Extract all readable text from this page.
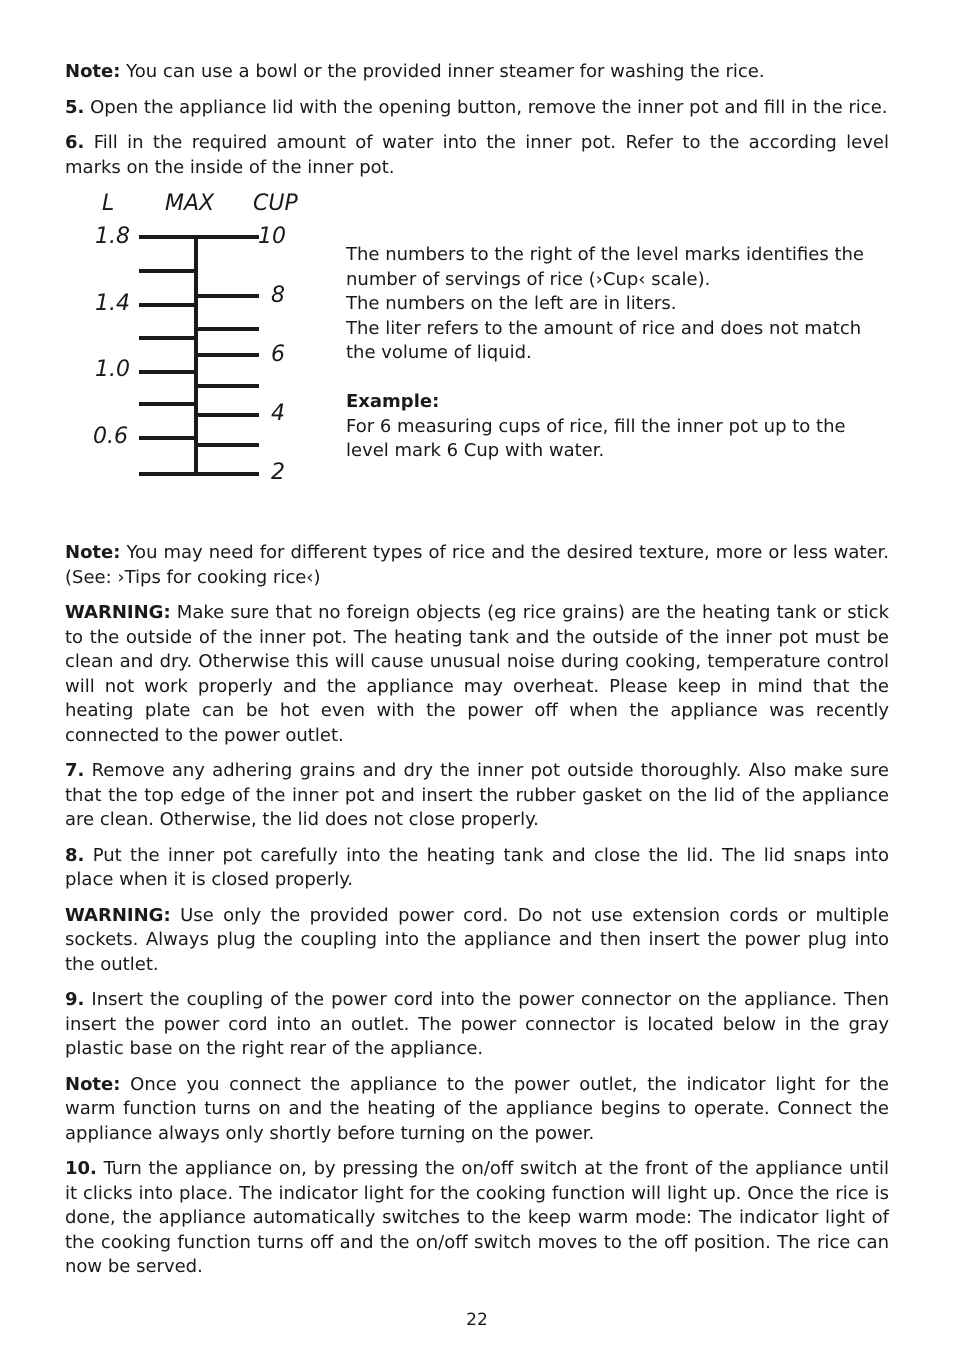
Note: You can use a bowl or the provided inner steamer for washing the rice.

5. Open the appliance lid with the opening button, remove the inner pot and fill in the rice.

6. Fill in the required amount of water into the inner pot. Refer to the according level marks on the inside of the inner pot.

L MAX CUP
1.8
1.4
1.0
0.6
10
8
6
4
2
The numbers to the right of the level marks identifies the number of servings of rice (›Cup‹ scale).
The numbers on the left are in liters.
The liter refers to the amount of rice and does not match the volume of liquid.
Example:
For 6 measuring cups of rice, fill the inner pot up to the level mark 6 Cup with water.

Note: You may need for different types of rice and the desired texture, more or less water. (See: ›Tips for cooking rice‹)

WARNING: Make sure that no foreign objects (eg rice grains) are the heating tank or stick to the outside of the inner pot. The heating tank and the outside of the inner pot must be clean and dry. Otherwise this will cause unusual noise during cooking, temperature control will not work properly and the appliance may overheat. Please keep in mind that the heating plate can be hot even with the power off when the appliance was recently connected to the power outlet.

7. Remove any adhering grains and dry the inner pot outside thoroughly. Also make sure that the top edge of the inner pot and insert the rubber gasket on the lid of the appliance are clean. Otherwise, the lid does not close properly.

8. Put the inner pot carefully into the heating tank and close the lid. The lid snaps into place when it is closed properly.

WARNING: Use only the provided power cord. Do not use extension cords or multiple sockets. Always plug the coupling into the appliance and then insert the power plug into the outlet.

9. Insert the coupling of the power cord into the power connector on the appliance. Then insert the power cord into an outlet. The power connector is located below in the gray plastic base on the right rear of the appliance.

Note: Once you connect the appliance to the power outlet, the indicator light for the warm function turns on and the heating of the appliance begins to operate. Connect the appliance always only shortly before turning on the power.

10. Turn the appliance on, by pressing the on/off switch at the front of the appliance until it clicks into place. The indicator light for the cooking function will light up. Once the rice is done, the appliance automatically switches to the keep warm mode: The indicator light of the cooking function turns off and the on/off switch moves to the off position. The rice can now be served.

22
